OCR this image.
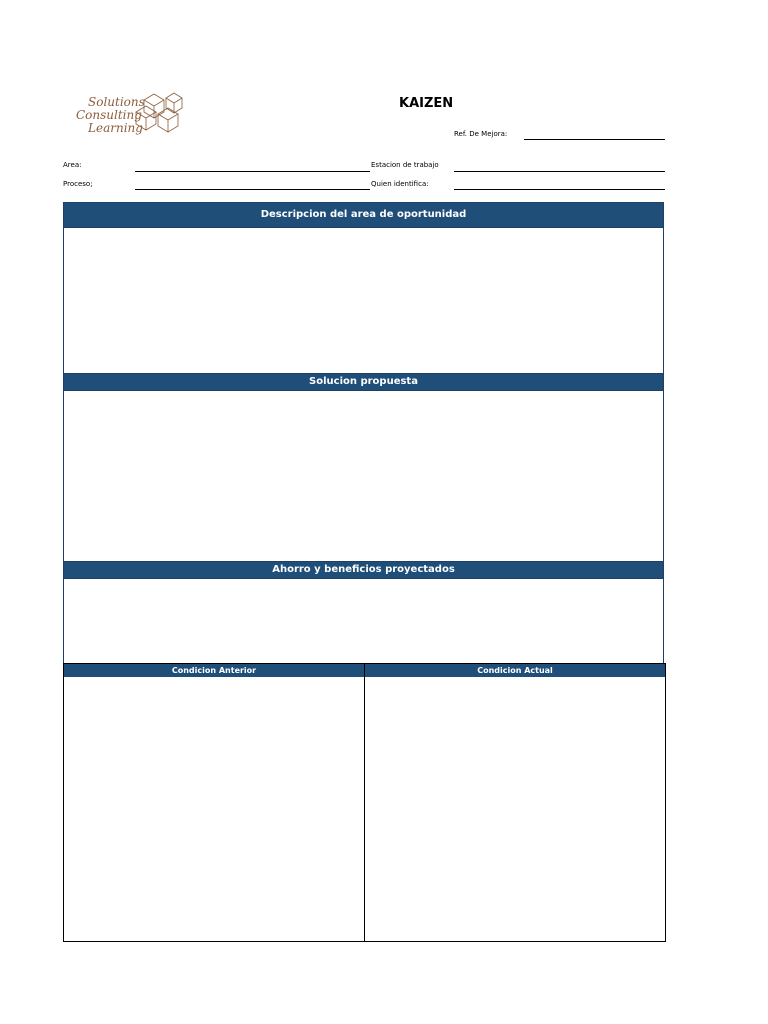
Solutions
Consulting
Learning
KAIZEN
Ref. De Mejora:
Area:	Estacion de trabajo
Proceso;	Quien identifica:
Descripcion del area de oportunidad
Solucion propuesta
Ahorro y beneficios proyectados
Condicion Anterior	Condicion Actual
